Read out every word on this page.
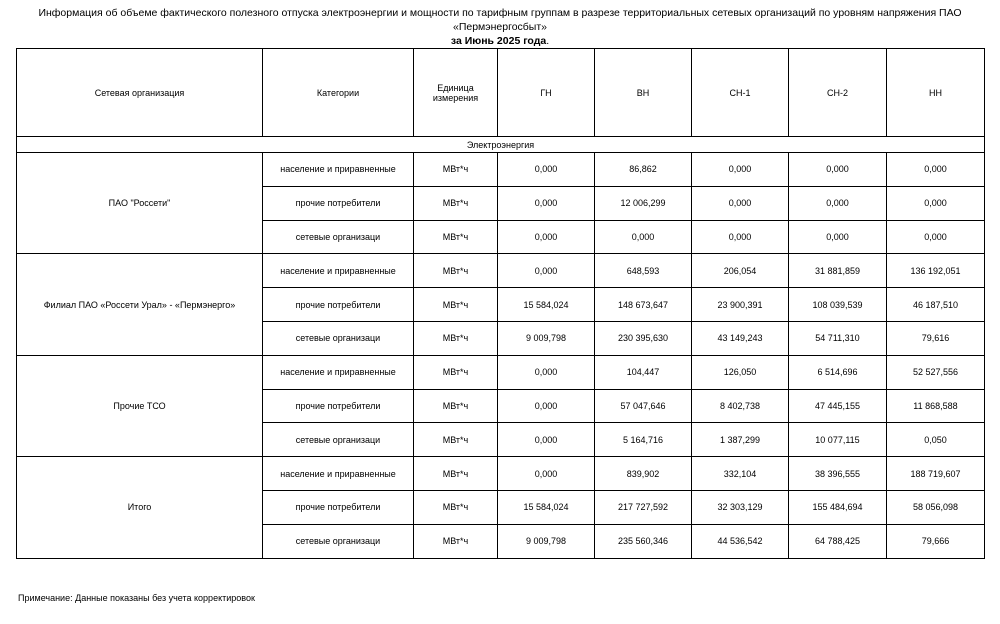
Информация об объеме фактического полезного отпуска электроэнергии и мощности по тарифным группам в разрезе территориальных сетевых организаций по уровням напряжения ПАО «Пермэнергосбыт»
за Июнь 2025 года.
Сетевая организация	Категории	Единица измерения	ГН	ВН	СН-1	СН-2	НН
Электроэнергия							
ПАО "Россети"	население и приравненные	МВт*ч	0,000	86,862	0,000	0,000	0,000
	прочие потребители	МВт*ч	0,000	12 006,299	0,000	0,000	0,000
	сетевые организаци	МВт*ч	0,000	0,000	0,000	0,000	0,000
Филиал ПАО «Россети Урал» - «Пермэнерго»	население и приравненные	МВт*ч	0,000	648,593	206,054	31 881,859	136 192,051
	прочие потребители	МВт*ч	15 584,024	148 673,647	23 900,391	108 039,539	46 187,510
	сетевые организаци	МВт*ч	9 009,798	230 395,630	43 149,243	54 711,310	79,616
Прочие ТСО	население и приравненные	МВт*ч	0,000	104,447	126,050	6 514,696	52 527,556
	прочие потребители	МВт*ч	0,000	57 047,646	8 402,738	47 445,155	11 868,588
	сетевые организаци	МВт*ч	0,000	5 164,716	1 387,299	10 077,115	0,050
Итого	население и приравненные	МВт*ч	0,000	839,902	332,104	38 396,555	188 719,607
	прочие потребители	МВт*ч	15 584,024	217 727,592	32 303,129	155 484,694	58 056,098
	сетевые организаци	МВт*ч	9 009,798	235 560,346	44 536,542	64 788,425	79,666
Примечание: Данные показаны без учета корректировок
